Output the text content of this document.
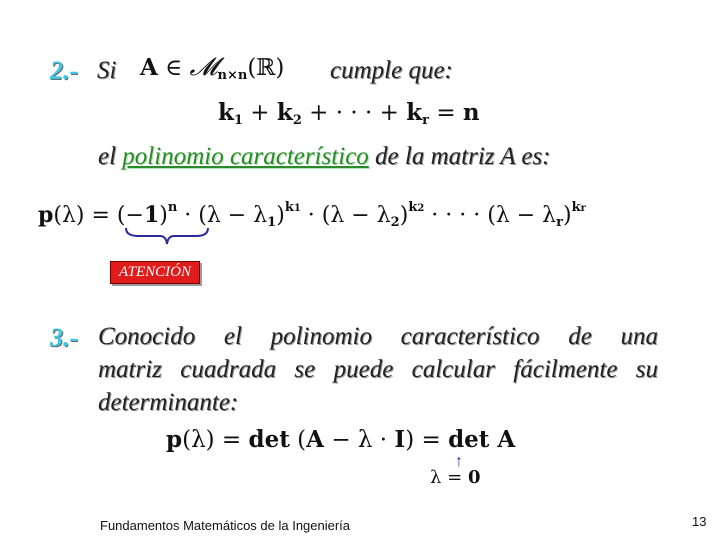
2.- Si A ∈ 𝓜$_{n\times n}$(ℝ) cumple que:
$k_1 + k_2$ + · · · + $k_r = n$
el polinomio característico de la matriz A es:
$p(\lambda) = (-1)^n \cdot (\lambda - \lambda_1)^{k1} \cdot (\lambda - \lambda_2)^{k2}$ · · · · $(\lambda - \lambda_r)^{kr}$
ATENCIÓN
3.- Conocido el polinomio característico de una
matriz cuadrada se puede calcular fácilmente su
determinante:
p(λ) = det (A − λ · I) = det A
↑
λ = 0
Fundamentos Matemáticos de la Ingeniería	13
